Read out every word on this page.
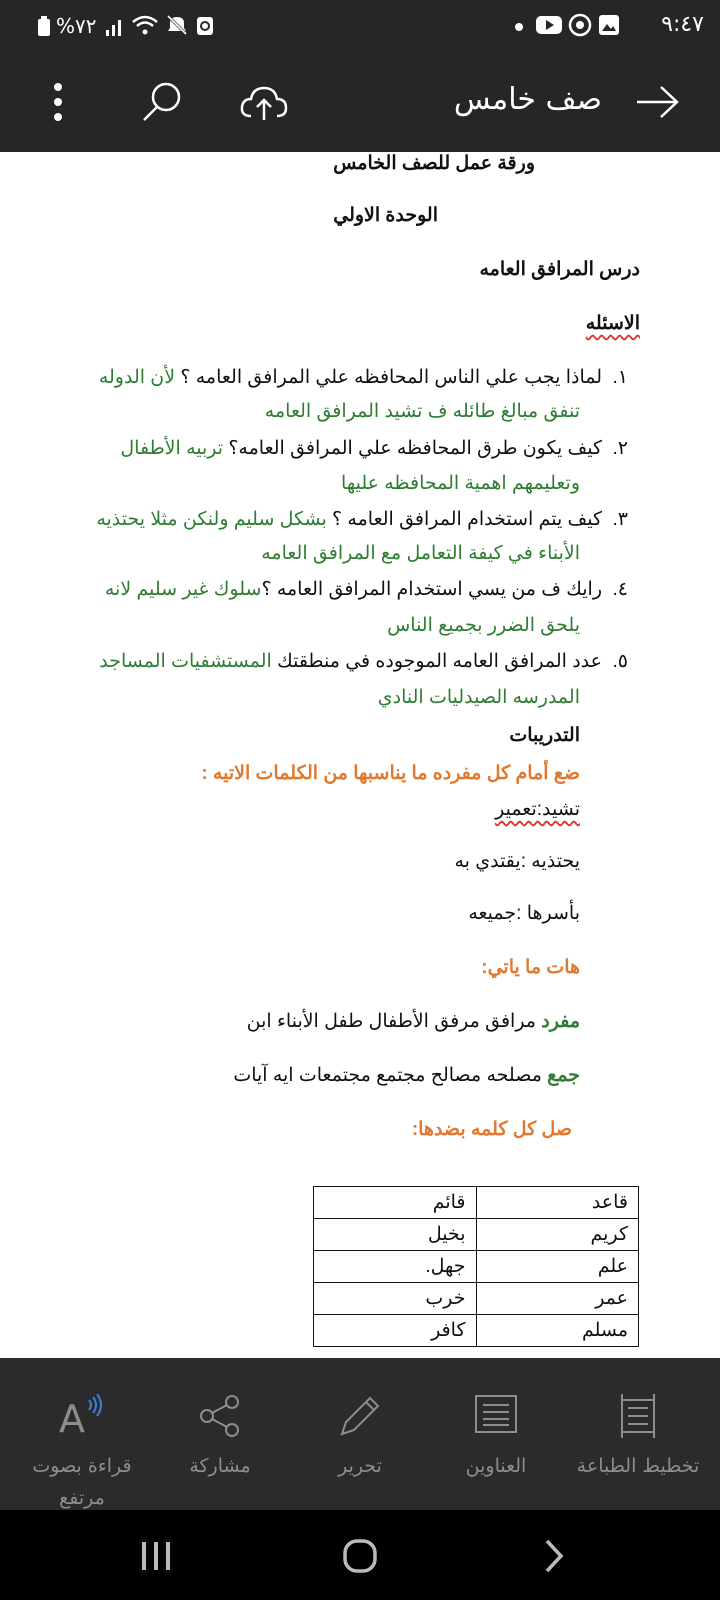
٩:٤٧
%٧٢
صف خامس
ورقة عمل للصف الخامس
الوحدة الاولي
درس المرافق العامه
الاسئله
١.
لماذا يجب علي الناس المحافظه علي المرافق العامه ؟ لأن الدوله
تنفق مبالغ طائله ف تشيد المرافق العامه
٢.
كيف يكون طرق المحافظه علي المرافق العامه؟ تربيه الأطفال
وتعليمهم اهمية المحافظه عليها
٣.
كيف يتم استخدام المرافق العامه ؟ بشكل سليم ولنكن مثلا يحتذيه
الأبناء في كيفة التعامل مع المرافق العامه
٤.
رايك ف من يسي استخدام المرافق العامه ؟سلوك غير سليم لانه
يلحق الضرر بجميع الناس
٥.
عدد المرافق العامه الموجوده في منطقتك المستشفيات المساجد
المدرسه الصيدليات النادي
التدريبات
ضع أمام كل مفرده ما يناسبها من الكلمات الاتيه :
تشيد:تعمير
يحتذيه :يقتدي به
بأسرها :جميعه
هات ما ياتي:
مفرد مرافق مرفق الأطفال طفل الأبناء ابن
جمع مصلحه مصالح مجتمع مجتمعات ايه آيات
صل كل كلمه بضدها:
قاعد	قائم
كريم	بخيل
علم	جهل.
عمر	خرب
مسلم	كافر
تخطيط الطباعة
العناوين
تحرير
مشاركة
A
قراءة بصوت مرتفع
